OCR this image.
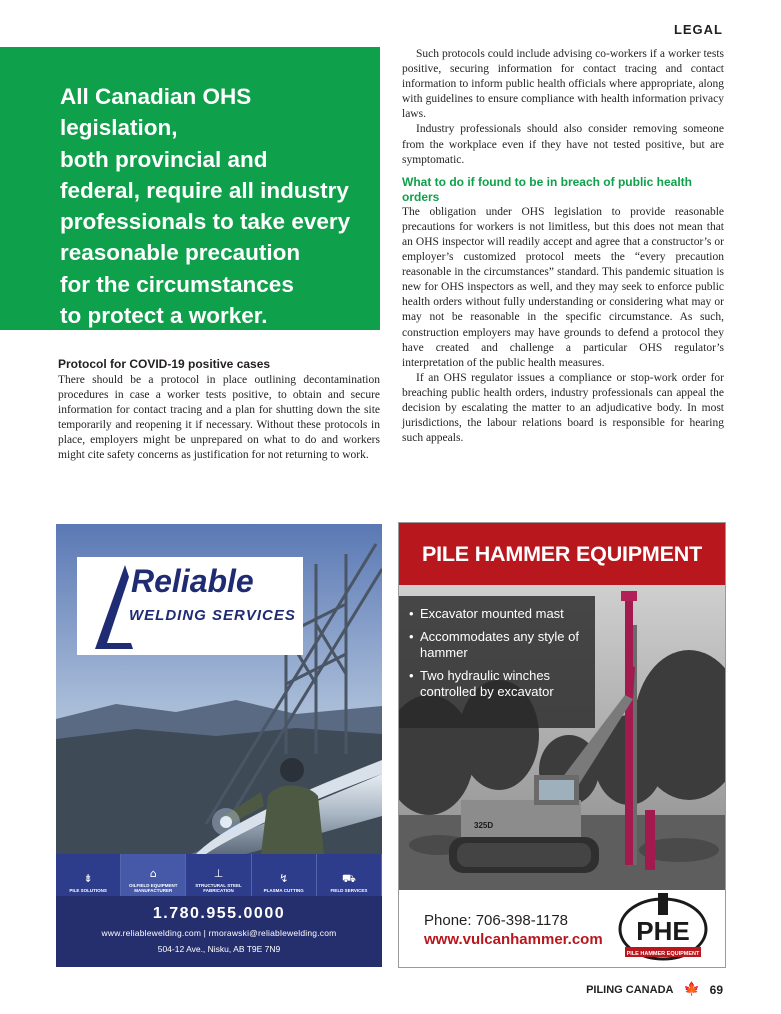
LEGAL

All Canadian OHS legislation,
both provincial and
federal, require all industry
professionals to take every
reasonable precaution
for the circumstances
to protect a worker.

Protocol for COVID-19 positive cases

There should be a protocol in place outlining decontamination procedures in case a worker tests positive, to obtain and secure information for contact tracing and a plan for shutting down the site temporarily and reopening it if necessary. Without these protocols in place, employers might be unprepared on what to do and workers might cite safety concerns as justification for not returning to work.

Such protocols could include advising co-workers if a worker tests positive, securing information for contact tracing and contact information to inform public health officials where appropriate, along with guidelines to ensure compliance with health information privacy laws.

Industry professionals should also consider removing someone from the workplace even if they have not tested positive, but are symptomatic.

What to do if found to be in breach of public health orders

The obligation under OHS legislation to provide reasonable precautions for workers is not limitless, but this does not mean that an OHS inspector will readily accept and agree that a constructor’s or employer’s customized protocol meets the “every precaution reasonable in the circumstances” standard. This pandemic situation is new for OHS inspectors as well, and they may seek to enforce public health orders without fully understanding or considering what may or may not be reasonable in the specific circumstance. As such, construction employers may have grounds to defend a protocol they have created and challenge a particular OHS regulator’s interpretation of the public health measures.

If an OHS regulator issues a compliance or stop-work order for breaching public health orders, industry professionals can appeal the decision by escalating the matter to an adjudicative body. In most jurisdictions, the labour relations board is responsible for hearing such appeals.

Reliable
WELDING SERVICES
⇟
PILE SOLUTIONS
⌂
OILFIELD EQUIPMENT MANUFACTURER
⊥
STRUCTURAL STEEL FABRICATION
↯
PLASMA CUTTING
⛟
FIELD SERVICES
1.780.955.0000
www.reliablewelding.com | rmorawski@reliablewelding.com
504-12 Ave., Nisku, AB T9E 7N9
PILE HAMMER EQUIPMENT
325D
• Excavator mounted mast
• Accommodates any style of hammer
• Two hydraulic winches controlled by excavator
Phone: 706-398-1178
www.vulcanhammer.com PHE
PILE HAMMER EQUIPMENT
PILING CANADA 🍁 69
